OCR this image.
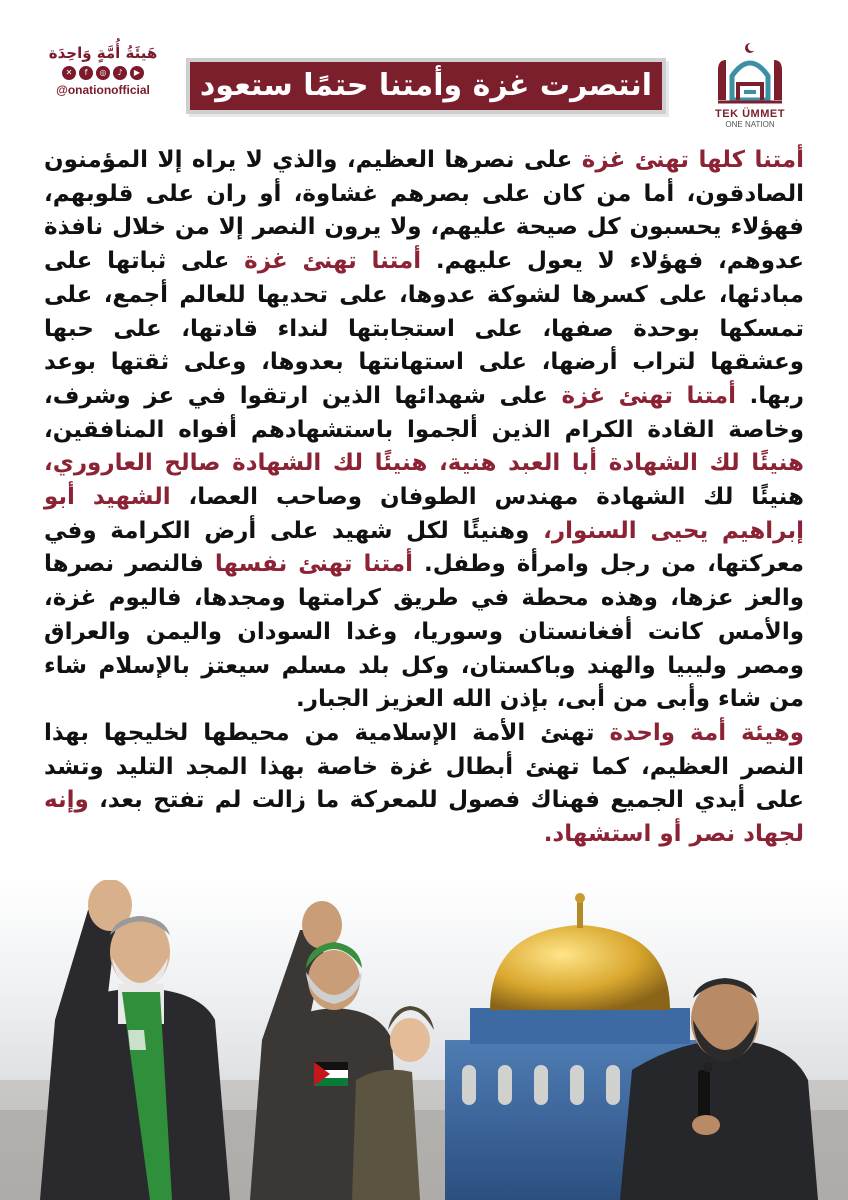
هَيئَةُ أُمَّةٍ وَاحِدَة
✕	f	◎	♪	▶
@onationofficial	انتصرت غزة وأمتنا حتمًا ستعود
TEK ÜMMET
ONE NATION

أمتنا كلها تهنئ غزة على نصرها العظيم، والذي لا يراه إلا المؤمنون الصادقون، أما من كان على بصرهم غشاوة، أو ران على قلوبهم، فهؤلاء يحسبون كل صيحة عليهم، ولا يرون النصر إلا من خلال نافذة عدوهم، فهؤلاء لا يعول عليهم. أمتنا تهنئ غزة على ثباتها على مبادئها، على كسرها لشوكة عدوها، على تحديها للعالم أجمع، على تمسكها بوحدة صفها، على استجابتها لنداء قادتها، على حبها وعشقها لتراب أرضها، على استهانتها بعدوها، وعلى ثقتها بوعد ربها. أمتنا تهنئ غزة على شهدائها الذين ارتقوا في عز وشرف، وخاصة القادة الكرام الذين ألجموا باستشهادهم أفواه المنافقين، هنيئًا لك الشهادة أبا العبد هنية، هنيئًا لك الشهادة صالح العاروري، هنيئًا لك الشهادة مهندس الطوفان وصاحب العصا، الشهيد أبو إبراهيم يحيى السنوار، وهنيئًا لكل شهيد على أرض الكرامة وفي معركتها، من رجل وامرأة وطفل. أمتنا تهنئ نفسها فالنصر نصرها والعز عزها، وهذه محطة في طريق كرامتها ومجدها، فاليوم غزة، والأمس كانت أفغانستان وسوريا، وغدا السودان واليمن والعراق ومصر وليبيا والهند وباكستان، وكل بلد مسلم سيعتز بالإسلام شاء من شاء وأبى من أبى، بإذن الله العزيز الجبار.

وهيئة أمة واحدة تهنئ الأمة الإسلامية من محيطها لخليجها بهذا النصر العظيم، كما تهنئ أبطال غزة خاصة بهذا المجد التليد وتشد على أيدي الجميع فهناك فصول للمعركة ما زالت لم تفتح بعد، وإنه لجهاد نصر أو استشهاد.
